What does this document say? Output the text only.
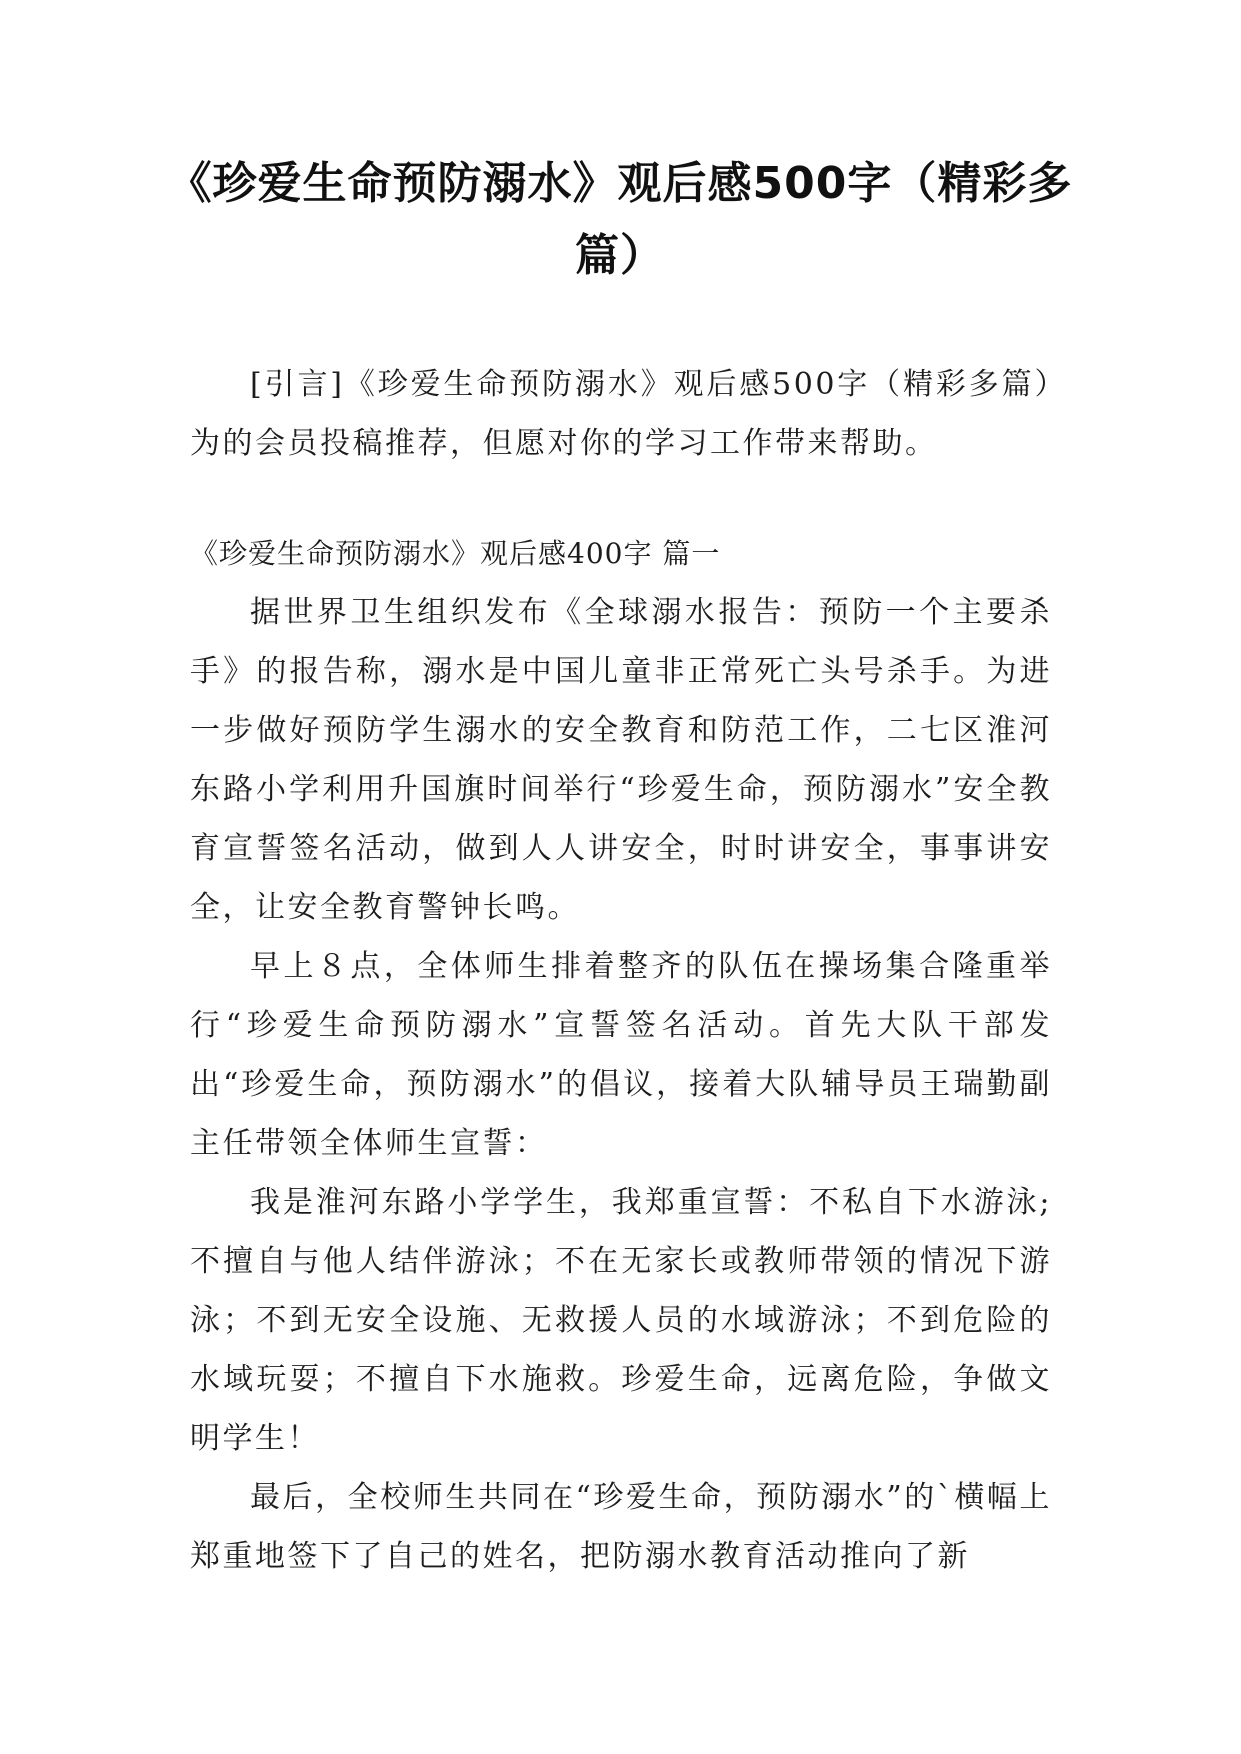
《珍爱生命预防溺水》观后感500字（精彩多篇）

[引言]《珍爱生命预防溺水》观后感500字（精彩多篇）为的会员投稿推荐，但愿对你的学习工作带来帮助。

《珍爱生命预防溺水》观后感400字 篇一

据世界卫生组织发布《全球溺水报告：预防一个主要杀手》的报告称，溺水是中国儿童非正常死亡头号杀手。为进一步做好预防学生溺水的安全教育和防范工作，二七区淮河东路小学利用升国旗时间举行“珍爱生命，预防溺水”安全教育宣誓签名活动，做到人人讲安全，时时讲安全，事事讲安全，让安全教育警钟长鸣。

早上８点，全体师生排着整齐的队伍在操场集合隆重举行“珍爱生命预防溺水”宣誓签名活动。首先大队干部发出“珍爱生命，预防溺水”的倡议，接着大队辅导员王瑞勤副主任带领全体师生宣誓：

我是淮河东路小学学生，我郑重宣誓：不私自下水游泳;不擅自与他人结伴游泳；不在无家长或教师带领的情况下游泳；不到无安全设施、无救援人员的水域游泳；不到危险的水域玩耍；不擅自下水施救。珍爱生命，远离危险，争做文明学生！

最后，全校师生共同在“珍爱生命，预防溺水”的`横幅上郑重地签下了自己的姓名，把防溺水教育活动推向了新
